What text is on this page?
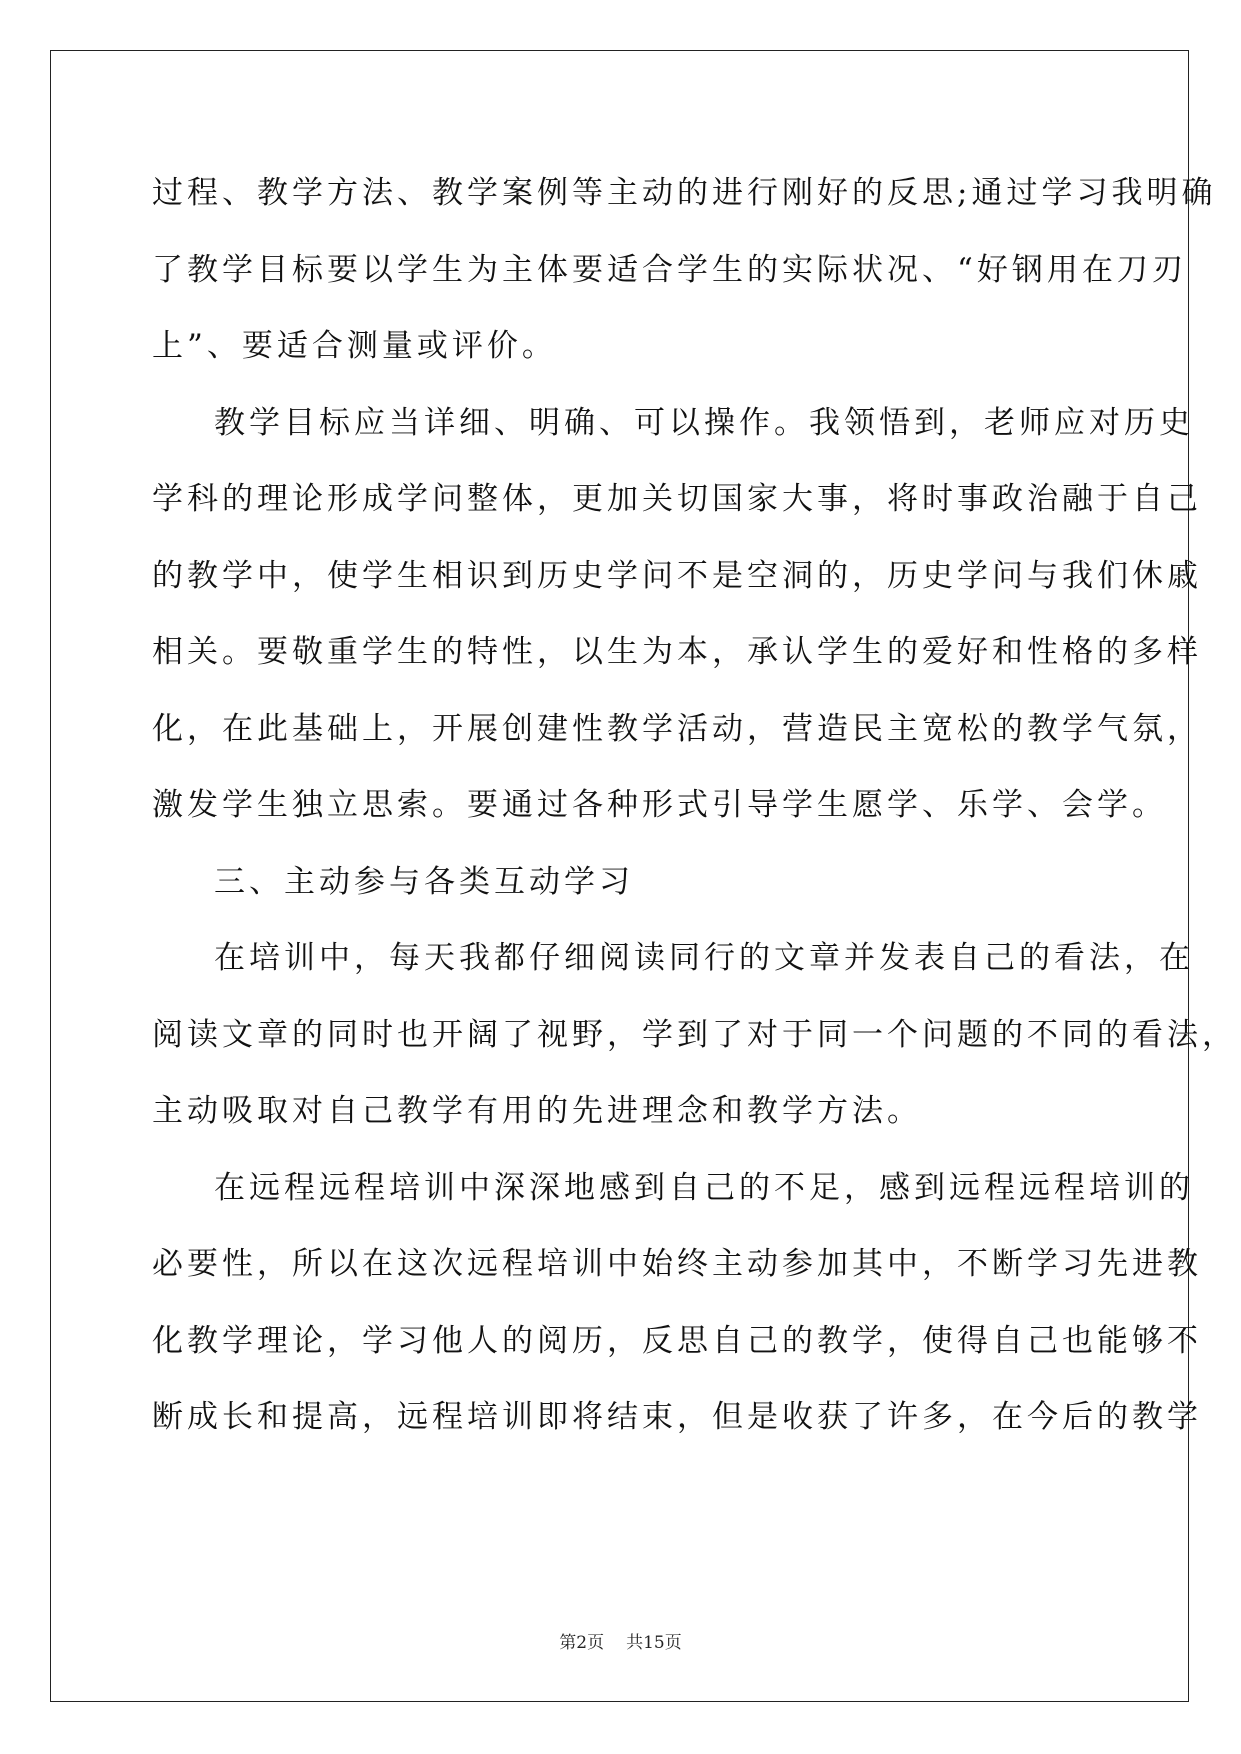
过程、教学方法、教学案例等主动的进行刚好的反思;通过学习我明确

了教学目标要以学生为主体要适合学生的实际状况、“好钢用在刀刃

上”、要适合测量或评价。

教学目标应当详细、明确、可以操作。我领悟到，老师应对历史

学科的理论形成学问整体，更加关切国家大事，将时事政治融于自己

的教学中，使学生相识到历史学问不是空洞的，历史学问与我们休戚

相关。要敬重学生的特性，以生为本，承认学生的爱好和性格的多样

化，在此基础上，开展创建性教学活动，营造民主宽松的教学气氛，

激发学生独立思索。要通过各种形式引导学生愿学、乐学、会学。

三、主动参与各类互动学习

在培训中，每天我都仔细阅读同行的文章并发表自己的看法，在

阅读文章的同时也开阔了视野，学到了对于同一个问题的不同的看法，

主动吸取对自己教学有用的先进理念和教学方法。

在远程远程培训中深深地感到自己的不足，感到远程远程培训的

必要性，所以在这次远程培训中始终主动参加其中，不断学习先进教

化教学理论，学习他人的阅历，反思自己的教学，使得自己也能够不

断成长和提高，远程培训即将结束，但是收获了许多，在今后的教学

第2页 共15页
